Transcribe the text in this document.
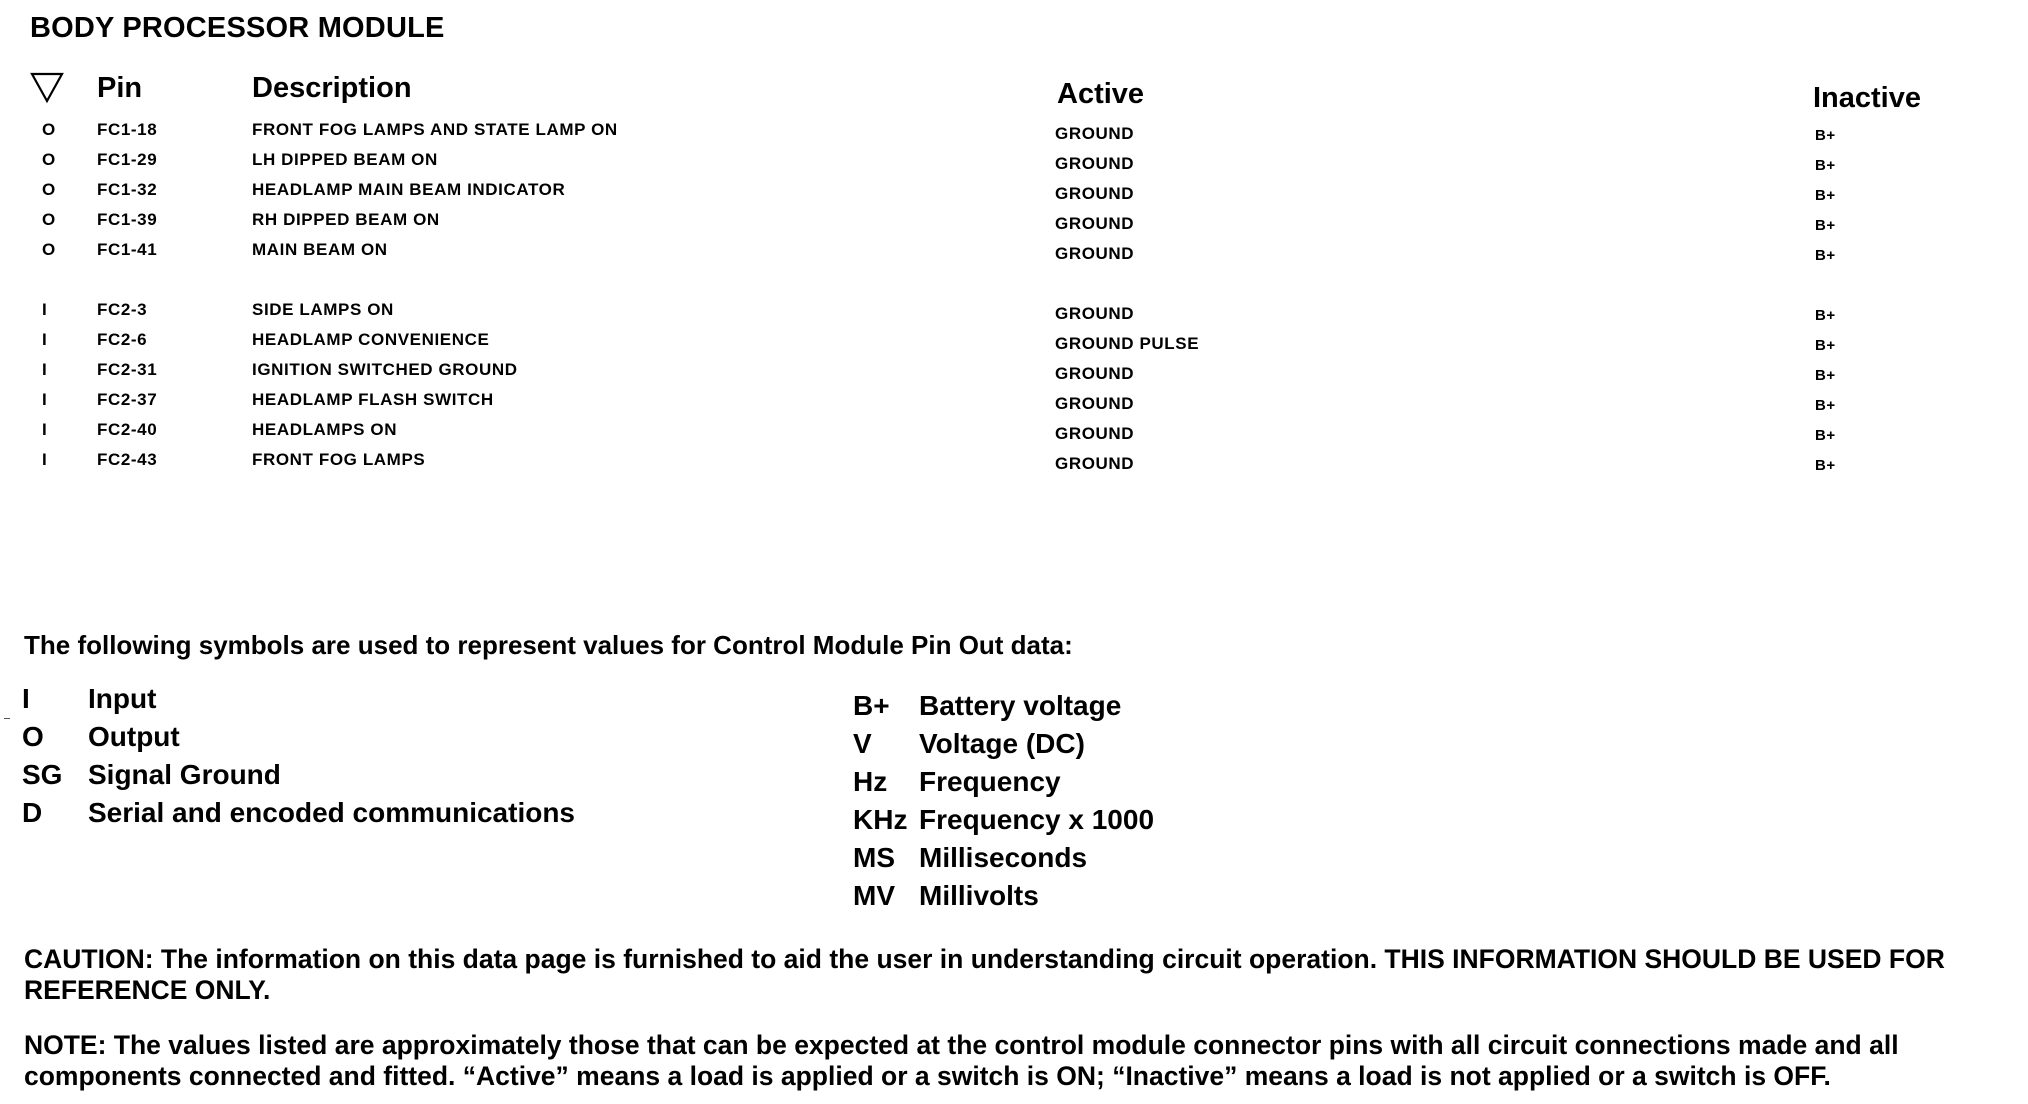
BODY PROCESSOR MODULE
Pin	Description	Active	Inactive
O FC1-18	FRONT FOG LAMPS AND STATE LAMP ON	GROUND	B+
O FC1-29	LH DIPPED BEAM ON	GROUND	B+
O FC1-32	HEADLAMP MAIN BEAM INDICATOR	GROUND	B+
O FC1-39	RH DIPPED BEAM ON	GROUND	B+
O FC1-41	MAIN BEAM ON	GROUND	B+
I	FC2-3	SIDE LAMPS ON	GROUND	B+
I	FC2-6	HEADLAMP CONVENIENCE	GROUND PULSE	B+
I	FC2-31	IGNITION SWITCHED GROUND	GROUND	B+
I	FC2-37	HEADLAMP FLASH SWITCH	GROUND	B+
I	FC2-40	HEADLAMPS ON	GROUND	B+
I	FC2-43	FRONT FOG LAMPS	GROUND	B+
The following symbols are used to represent values for Control Module Pin Out data:
I	Input
O	Output
SG Signal Ground
D	Serial and encoded communications
B+	Battery voltage
V	Voltage (DC)
Hz	Frequency
KHz Frequency x 1000
MS Milliseconds
MV Millivolts
CAUTION: The information on this data page is furnished to aid the user in understanding circuit operation. THIS INFORMATION SHOULD BE USED FOR REFERENCE ONLY.
NOTE: The values listed are approximately those that can be expected at the control module connector pins with all circuit connections made and all components connected and fitted. “Active” means a load is applied or a switch is ON; “Inactive” means a load is not applied or a switch is OFF.
